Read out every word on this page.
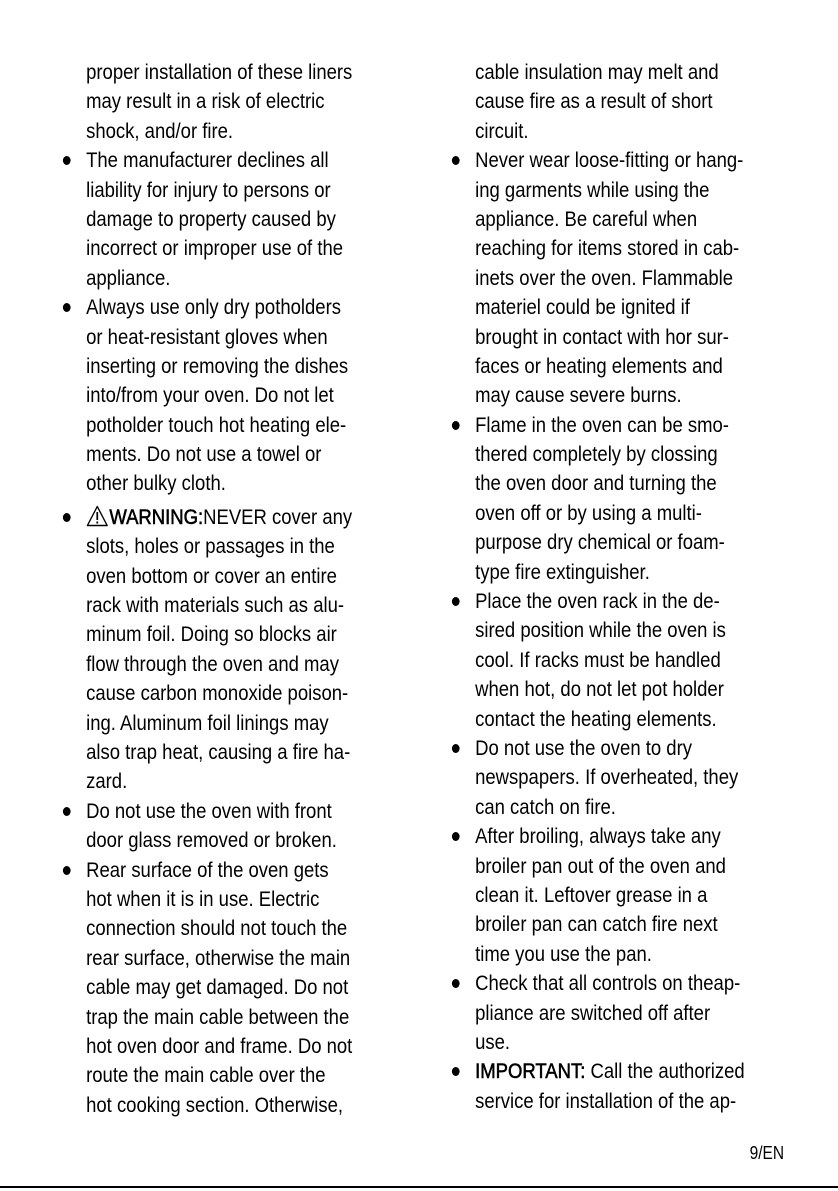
proper installation of these liners
may result in a risk of electric
shock, and/or fire.
The manufacturer declines all
liability for injury to persons or
damage to property caused by
incorrect or improper use of the
appliance.
Always use only dry potholders
or heat-resistant gloves when
inserting or removing the dishes
into/from your oven. Do not let
potholder touch hot heating ele-
ments. Do not use a towel or
other bulky cloth.
WARNING:NEVER cover any
slots, holes or passages in the
oven bottom or cover an entire
rack with materials such as alu-
minum foil. Doing so blocks air
flow through the oven and may
cause carbon monoxide poison-
ing. Aluminum foil linings may
also trap heat, causing a fire ha-
zard.
Do not use the oven with front
door glass removed or broken.
Rear surface of the oven gets
hot when it is in use. Electric
connection should not touch the
rear surface, otherwise the main
cable may get damaged. Do not
trap the main cable between the
hot oven door and frame. Do not
route the main cable over the
hot cooking section. Otherwise,
cable insulation may melt and
cause fire as a result of short
circuit.
Never wear loose-fitting or hang-
ing garments while using the
appliance. Be careful when
reaching for items stored in cab-
inets over the oven. Flammable
materiel could be ignited if
brought in contact with hor sur-
faces or heating elements and
may cause severe burns.
Flame in the oven can be smo-
thered completely by clossing
the oven door and turning the
oven off or by using a multi-
purpose dry chemical or foam-
type fire extinguisher.
Place the oven rack in the de-
sired position while the oven is
cool. If racks must be handled
when hot, do not let pot holder
contact the heating elements.
Do not use the oven to dry
newspapers. If overheated, they
can catch on fire.
After broiling, always take any
broiler pan out of the oven and
clean it. Leftover grease in a
broiler pan can catch fire next
time you use the pan.
Check that all controls on theap-
pliance are switched off after
use.
IMPORTANT: Call the authorized
service for installation of the ap-
9/EN
